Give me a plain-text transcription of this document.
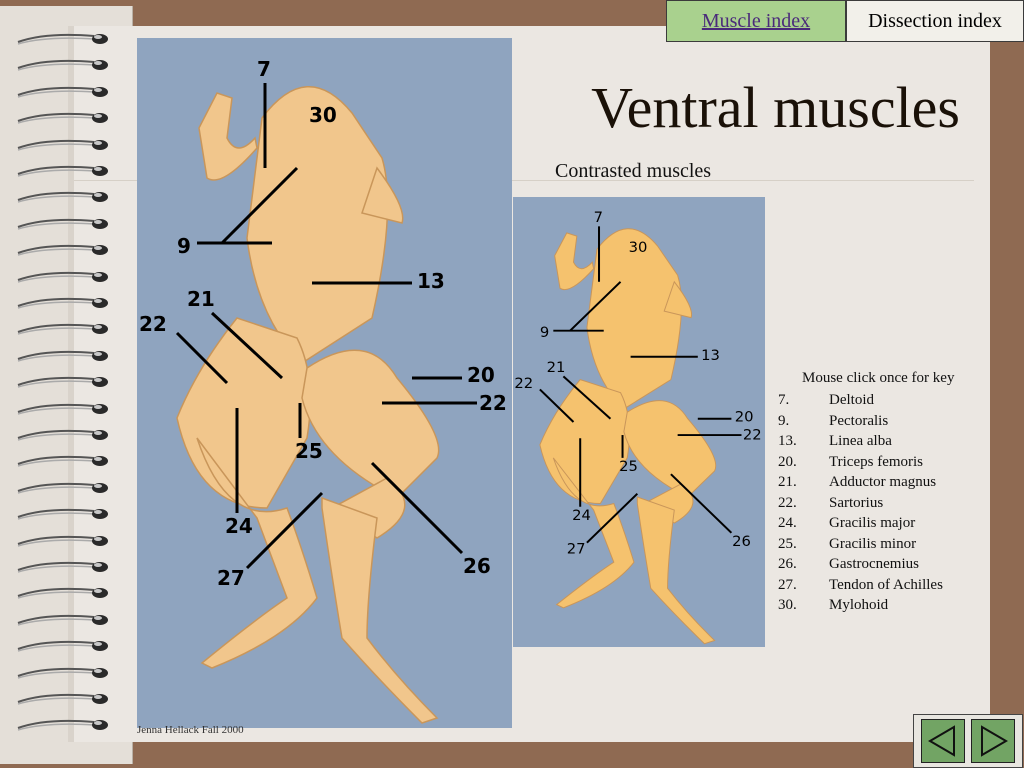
Muscle index	Dissection index
Ventral muscles
Contrasted muscles
7
30
9
13
21
22
20
22
25
24
26
27
7
30
9
13
21
22
20
22
25
24
26
27
Jenna Hellack Fall 2000
Mouse click once for key
7.	Deltoid
9.	Pectoralis
13. Linea alba
20. Triceps femoris
21. Adductor magnus
22. Sartorius
24. Gracilis major
25. Gracilis minor
26. Gastrocnemius
27. Tendon of Achilles
30. Mylohoid
